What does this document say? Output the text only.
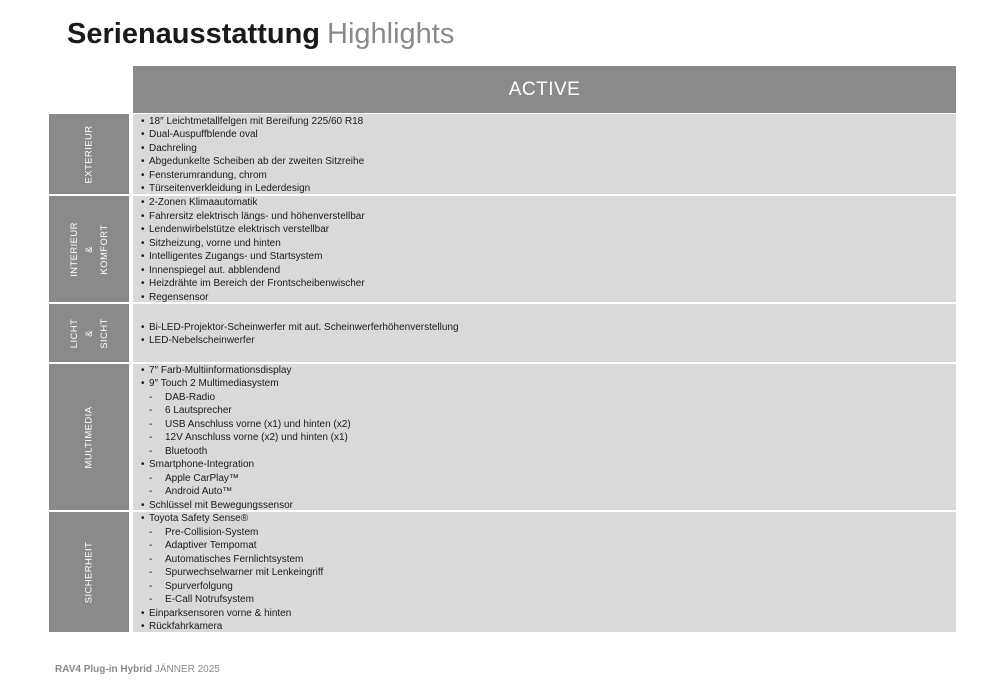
Serienausstattung Highlights
ACTIVE
EXTERIEUR
• 18″ Leichtmetallfelgen mit Bereifung 225/60 R18
• Dual-Auspuffblende oval
• Dachreling
• Abgedunkelte Scheiben ab der zweiten Sitzreihe
• Fensterumrandung, chrom
• Türseitenverkleidung in Lederdesign
INTERIEUR & KOMFORT
• 2-Zonen Klimaautomatik
• Fahrersitz elektrisch längs- und höhenverstellbar
• Lendenwirbelstütze elektrisch verstellbar
• Sitzheizung, vorne und hinten
• Intelligentes Zugangs- und Startsystem
• Innenspiegel aut. abblendend
• Heizdrähte im Bereich der Frontscheibenwischer
• Regensensor
LICHT & SICHT
•	Bi-LED-Projektor-Scheinwerfer mit aut. Scheinwerferhöhenverstellung
• LED-Nebelscheinwerfer
MULTIMEDIA
• 7″ Farb-Multiinformationsdisplay
• 9″ Touch 2 Multimediasystem
- DAB-Radio
- 6 Lautsprecher
- USB Anschluss vorne (x1) und hinten (x2)
- 12V Anschluss vorne (x2) und hinten (x1)
- Bluetooth
• Smartphone-Integration
- Apple CarPlay™
- Android Auto™
• Schlüssel mit Bewegungssensor
SICHERHEIT
• Toyota Safety Sense®
- Pre-Collision-System
- Adaptiver Tempomat
- Automatisches Fernlichtsystem
- Spurwechselwarner mit Lenkeingriff
- Spurverfolgung
- E-Call Notrufsystem
• Einparksensoren vorne & hinten
• Rückfahrkamera
RAV4 Plug-in Hybrid JÄNNER 2025
